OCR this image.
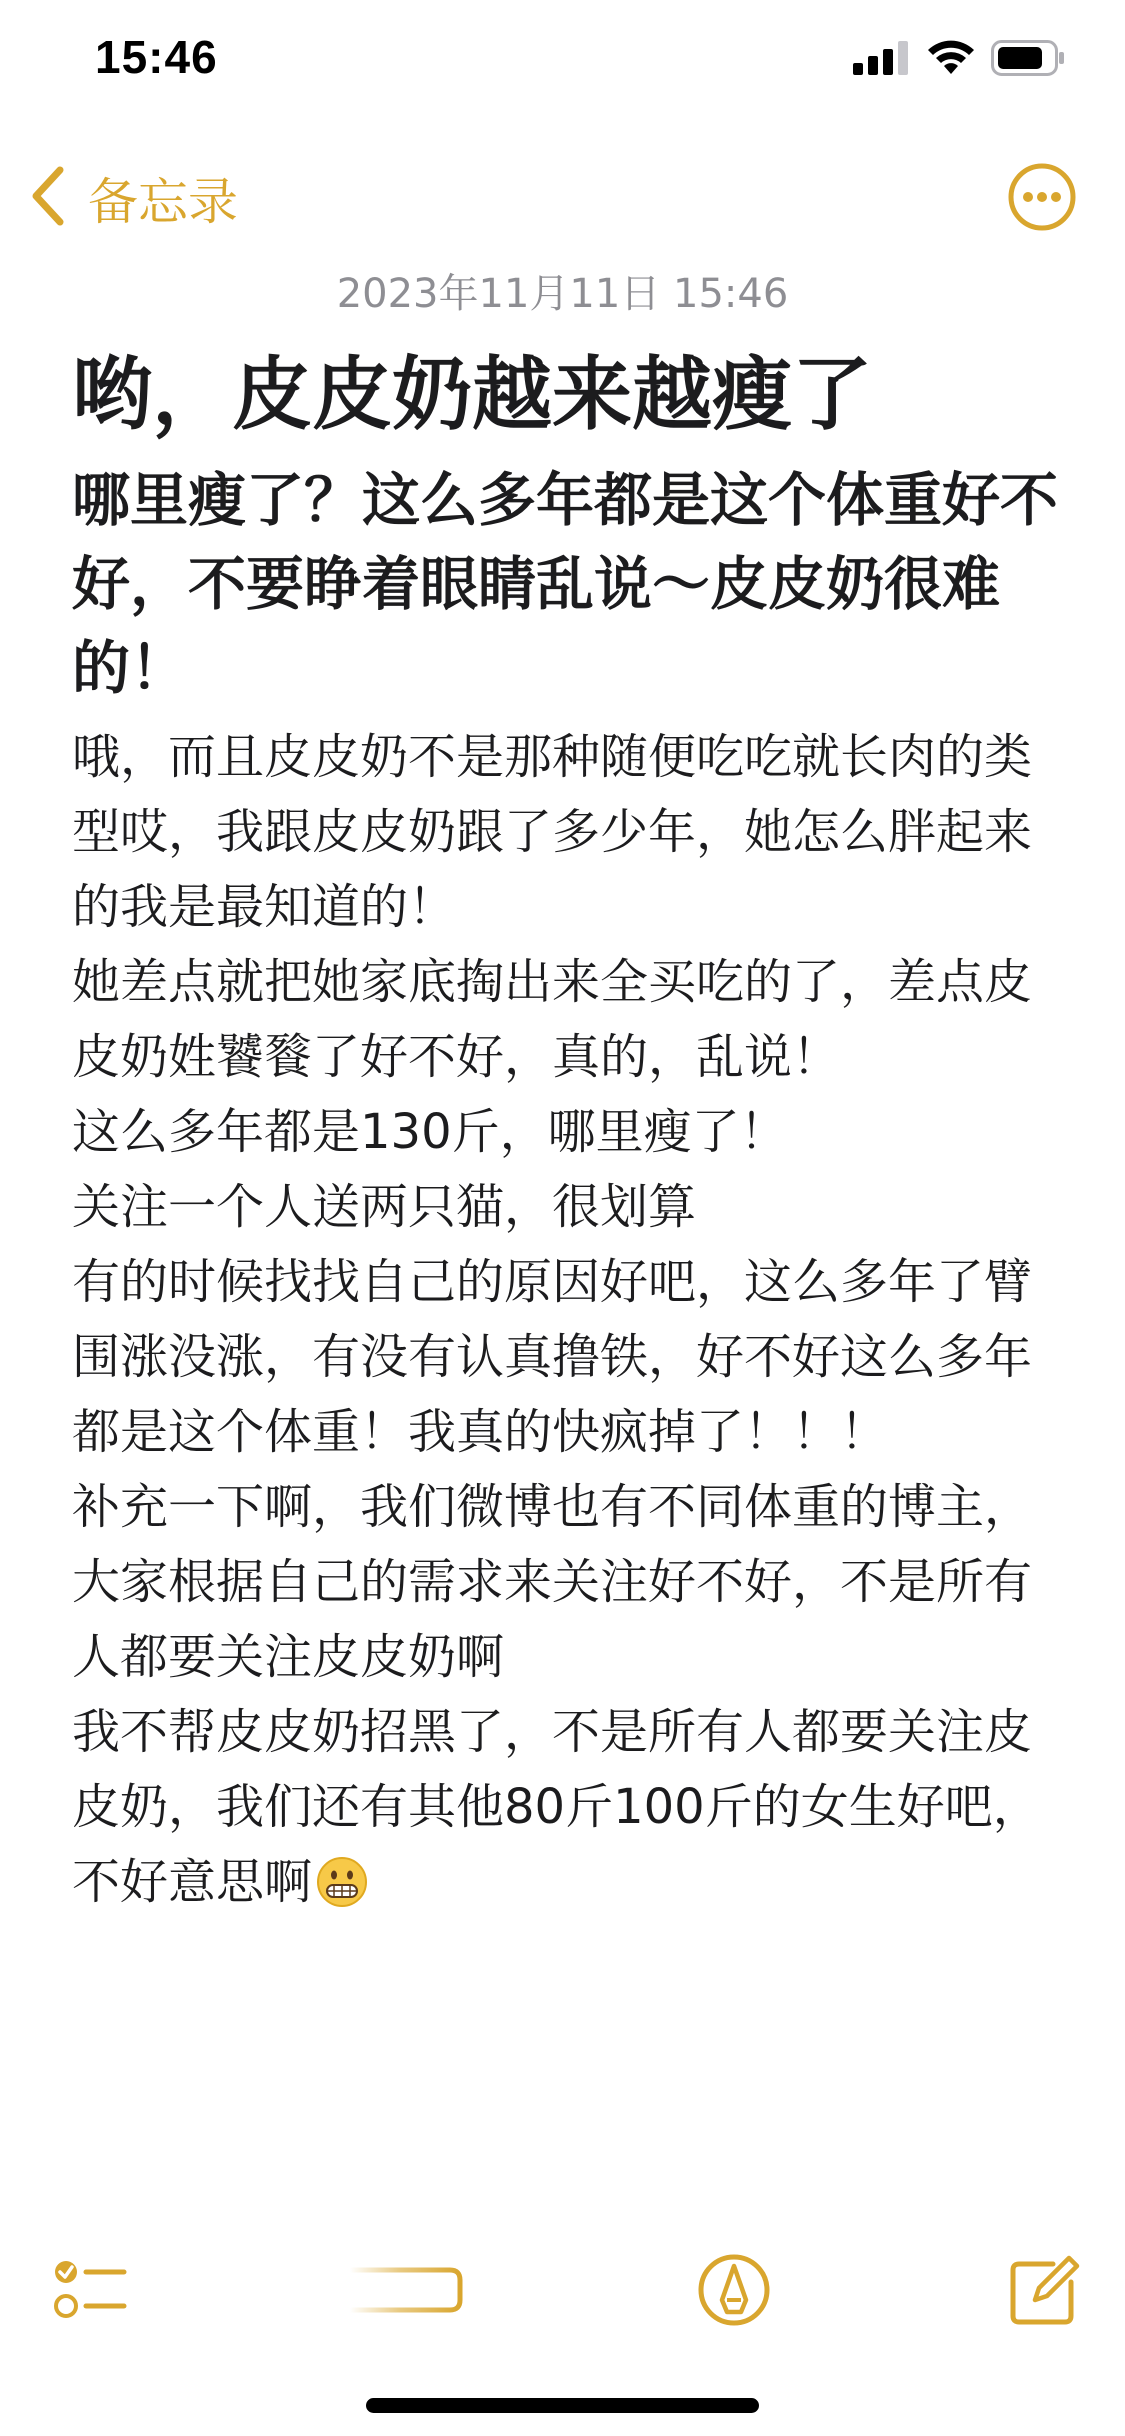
15:46
备忘录
2023年11月11日 15:46
哟，皮皮奶越来越瘦了
哪里瘦了？这么多年都是这个体重好不好，不要睁着眼睛乱说～皮皮奶很难的！

哦，而且皮皮奶不是那种随便吃吃就长肉的类型哎，我跟皮皮奶跟了多少年，她怎么胖起来的我是最知道的！

她差点就把她家底掏出来全买吃的了，差点皮皮奶姓饕餮了好不好，真的，乱说！

这么多年都是130斤，哪里瘦了！

关注一个人送两只猫，很划算

有的时候找找自己的原因好吧，这么多年了臂围涨没涨，有没有认真撸铁，好不好这么多年都是这个体重！我真的快疯掉了！！！

补充一下啊，我们微博也有不同体重的博主，大家根据自己的需求来关注好不好，不是所有人都要关注皮皮奶啊

我不帮皮皮奶招黑了，不是所有人都要关注皮皮奶，我们还有其他80斤100斤的女生好吧，不好意思啊
